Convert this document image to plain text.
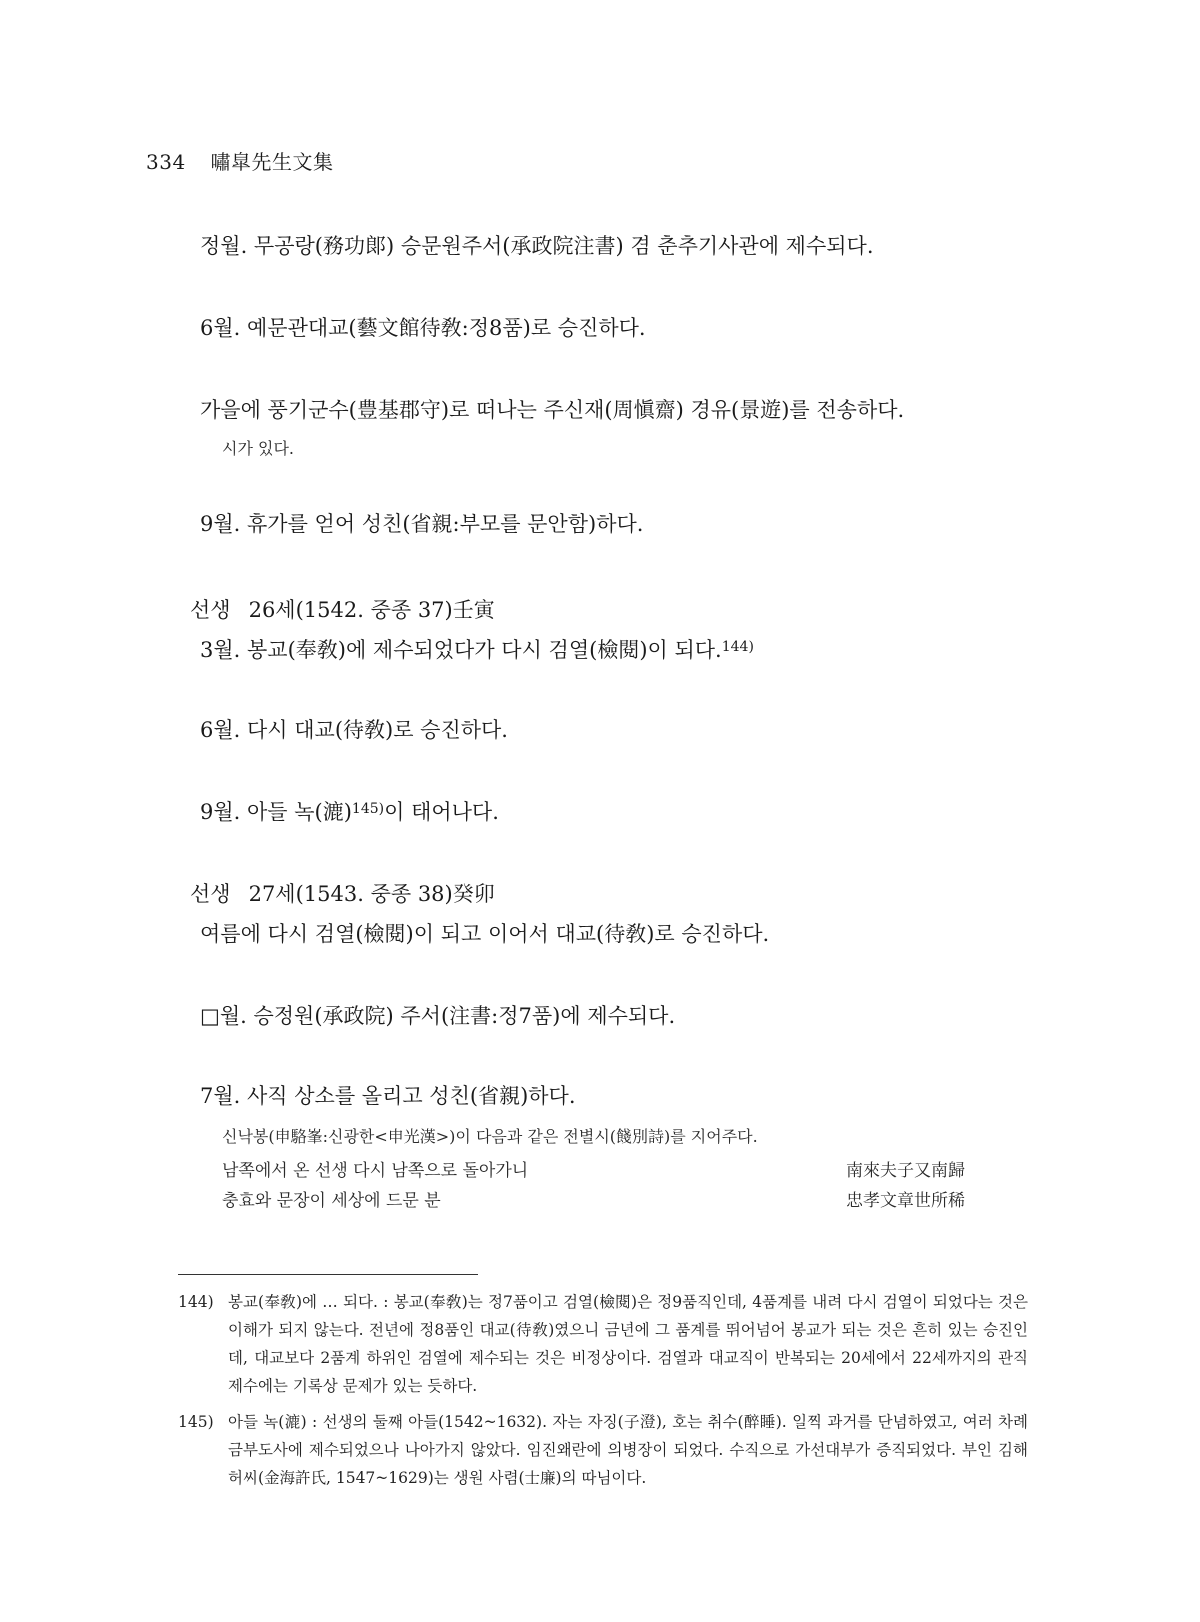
334 嘯皐先生文集
정월. 무공랑(務功郞) 승문원주서(承政院注書) 겸 춘추기사관에 제수되다.
6월. 예문관대교(藝文館待敎:정8품)로 승진하다.
가을에 풍기군수(豊基郡守)로 떠나는 주신재(周愼齋) 경유(景遊)를 전송하다.
시가 있다.
9월. 휴가를 얻어 성친(省親:부모를 문안함)하다.
선생 26세(1542. 중종 37)壬寅
3월. 봉교(奉敎)에 제수되었다가 다시 검열(檢閱)이 되다.$^{144)}$
6월. 다시 대교(待敎)로 승진하다.
9월. 아들 녹(漉)$^{145)}$이 태어나다.
선생 27세(1543. 중종 38)癸卯
여름에 다시 검열(檢閱)이 되고 이어서 대교(待敎)로 승진하다.
□월. 승정원(承政院) 주서(注書:정7품)에 제수되다.
7월. 사직 상소를 올리고 성친(省親)하다.
신낙봉(申駱峯:신광한<申光漢>)이 다음과 같은 전별시(餞別詩)를 지어주다.
남쪽에서 온 선생 다시 남쪽으로 돌아가니	南來夫子又南歸
충효와 문장이 세상에 드문 분	忠孝文章世所稀
144) 봉교(奉敎)에 … 되다. : 봉교(奉敎)는 정7품이고 검열(檢閱)은 정9품직인데, 4품계를 내려 다시 검열이 되었다는 것은 이해가 되지 않는다. 전년에 정8품인 대교(待敎)였으니 금년에 그 품계를 뛰어넘어 봉교가 되는 것은 흔히 있는 승진인데, 대교보다 2품계 하위인 검열에 제수되는 것은 비정상이다. 검열과 대교직이 반복되는 20세에서 22세까지의 관직 제수에는 기록상 문제가 있는 듯하다.
145) 아들 녹(漉) : 선생의 둘째 아들(1542~1632). 자는 자징(子澄), 호는 취수(醉睡). 일찍 과거를 단념하였고, 여러 차례 금부도사에 제수되었으나 나아가지 않았다. 임진왜란에 의병장이 되었다. 수직으로 가선대부가 증직되었다. 부인 김해허씨(金海許氏, 1547~1629)는 생원 사렴(士廉)의 따님이다.
